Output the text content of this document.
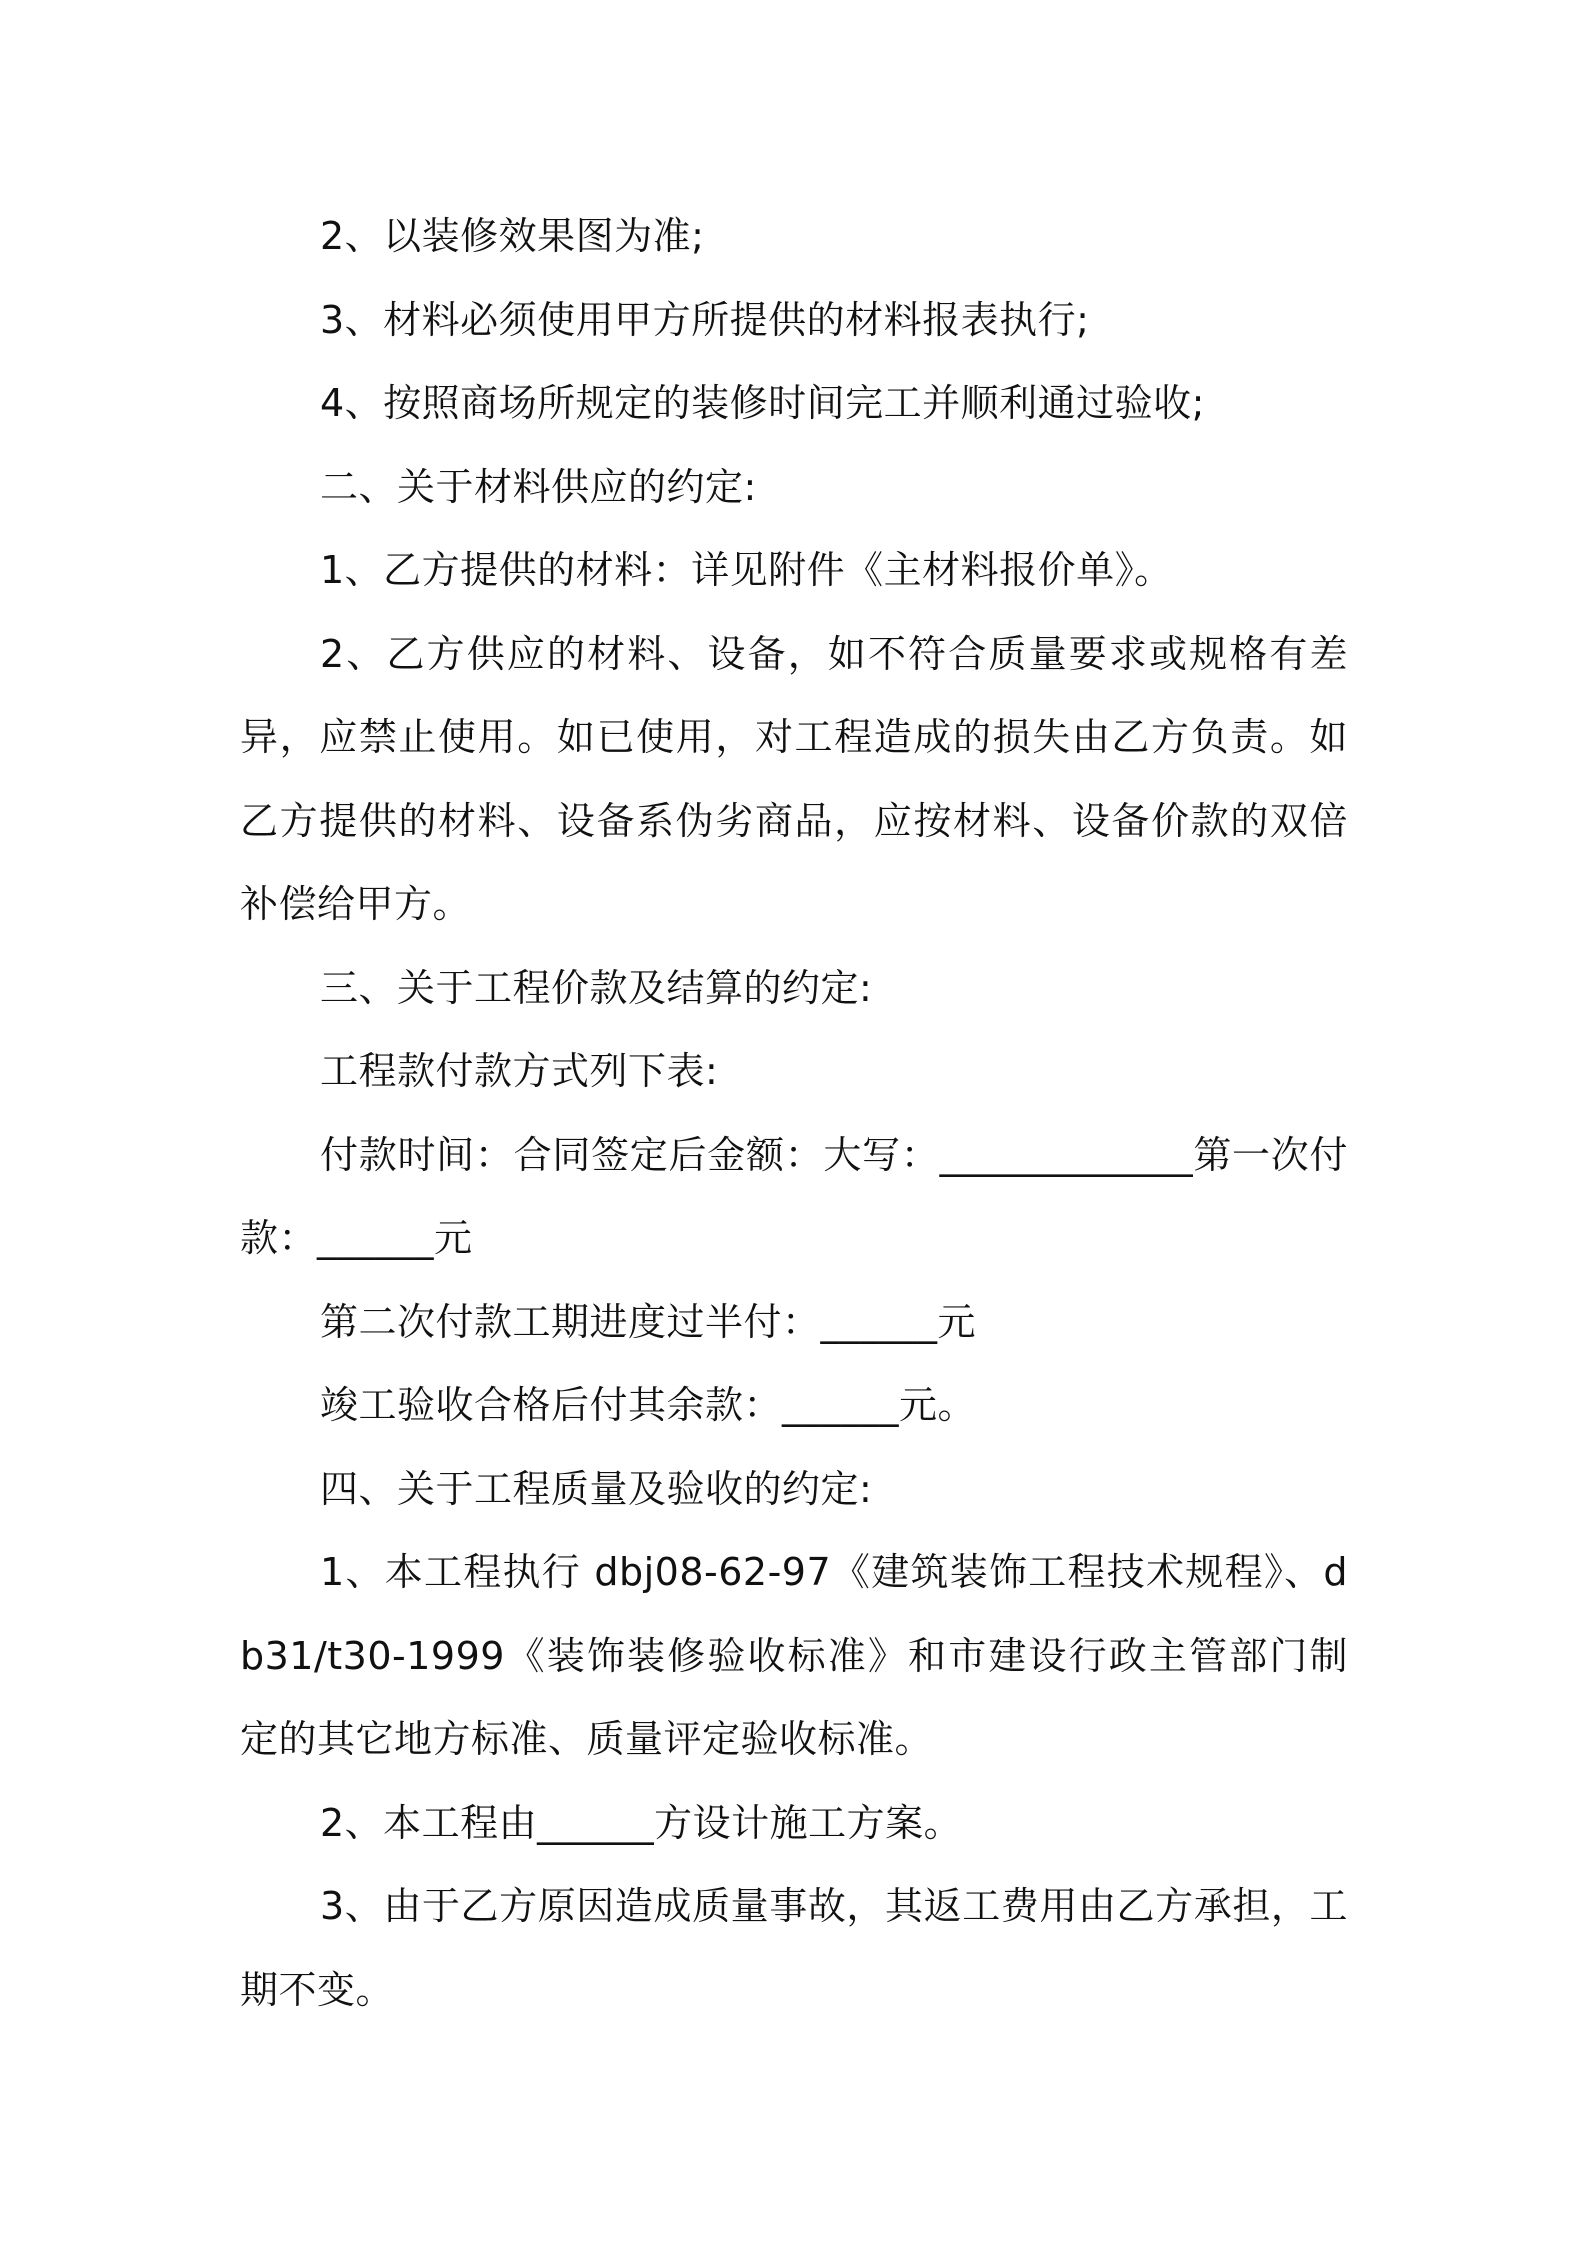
2、以装修效果图为准;

3、材料必须使用甲方所提供的材料报表执行;

4、按照商场所规定的装修时间完工并顺利通过验收;

二、关于材料供应的约定:

1、乙方提供的材料：详见附件《主材料报价单》。

2、乙方供应的材料、设备，如不符合质量要求或规格有差异，应禁止使用。如已使用，对工程造成的损失由乙方负责。如乙方提供的材料、设备系伪劣商品，应按材料、设备价款的双倍补偿给甲方。

三、关于工程价款及结算的约定:

工程款付款方式列下表:

付款时间：合同签定后金额：大写：_____________第一次付款：______元

第二次付款工期进度过半付：______元

竣工验收合格后付其余款：______元。

四、关于工程质量及验收的约定:

1、本工程执行 dbj08-62-97《建筑装饰工程技术规程》、db31/t30-1999《装饰装修验收标准》和市建设行政主管部门制定的其它地方标准、质量评定验收标准。

2、本工程由______方设计施工方案。

3、由于乙方原因造成质量事故，其返工费用由乙方承担，工期不变。
